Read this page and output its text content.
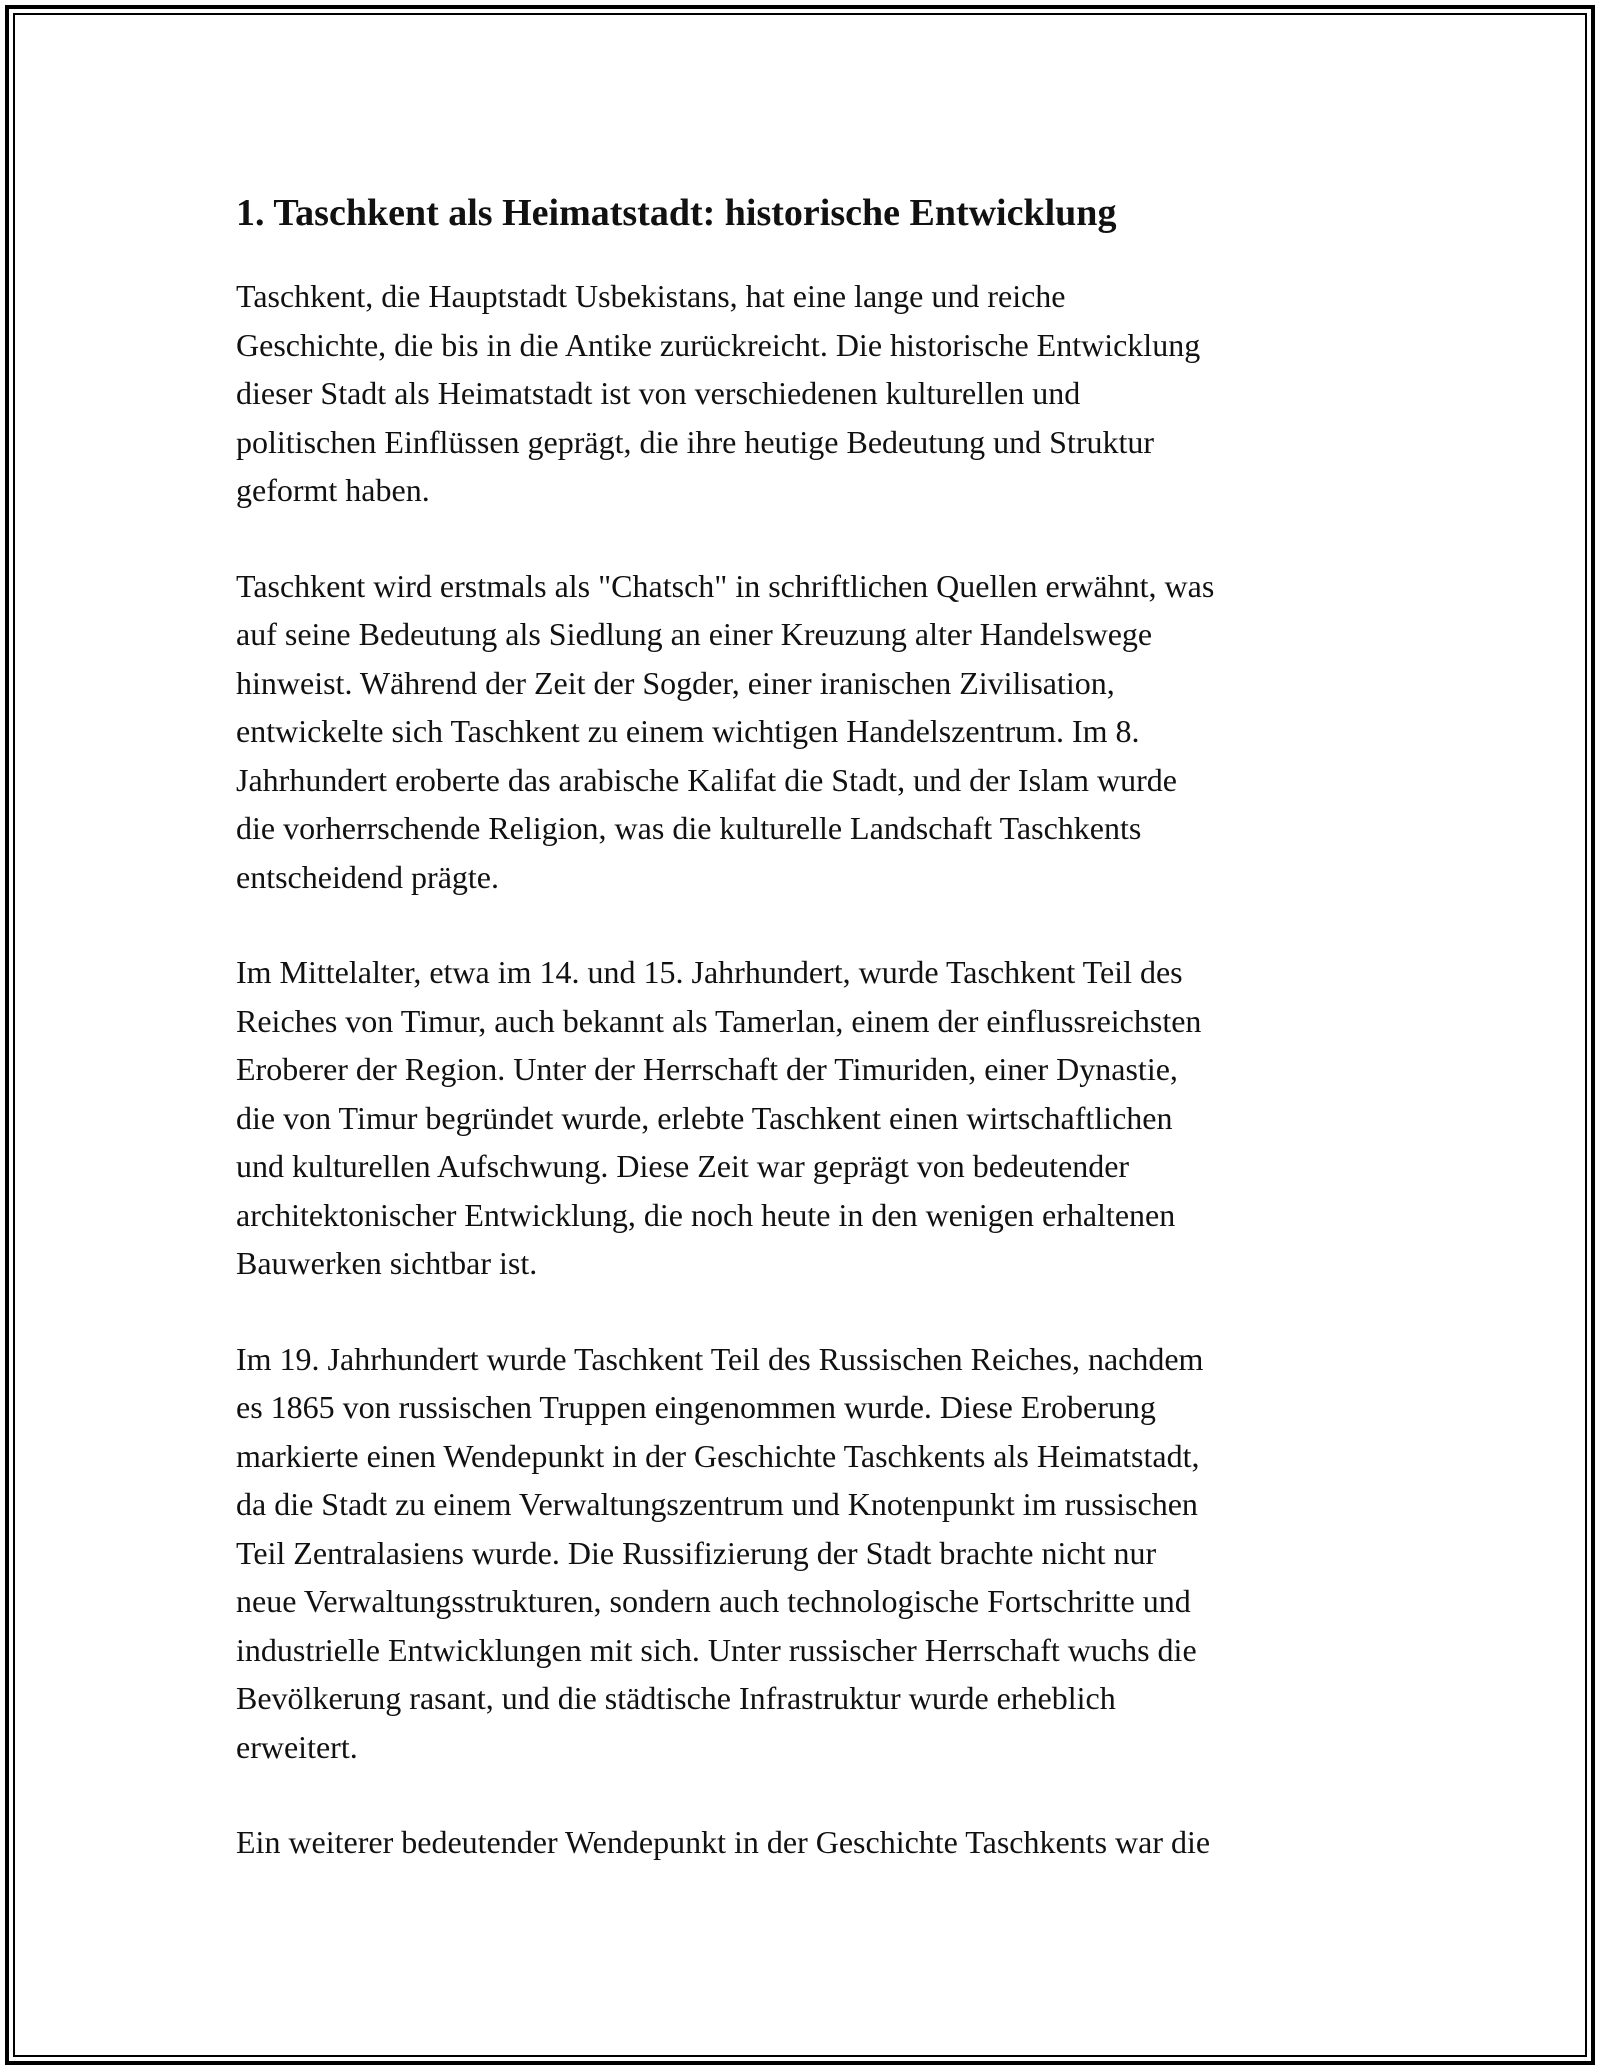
1. Taschkent als Heimatstadt: historische Entwicklung

Taschkent, die Hauptstadt Usbekistans, hat eine lange und reiche
Geschichte, die bis in die Antike zurückreicht. Die historische Entwicklung
dieser Stadt als Heimatstadt ist von verschiedenen kulturellen und
politischen Einflüssen geprägt, die ihre heutige Bedeutung und Struktur
geformt haben.

Taschkent wird erstmals als "Chatsch" in schriftlichen Quellen erwähnt, was
auf seine Bedeutung als Siedlung an einer Kreuzung alter Handelswege
hinweist. Während der Zeit der Sogder, einer iranischen Zivilisation,
entwickelte sich Taschkent zu einem wichtigen Handelszentrum. Im 8.
Jahrhundert eroberte das arabische Kalifat die Stadt, und der Islam wurde
die vorherrschende Religion, was die kulturelle Landschaft Taschkents
entscheidend prägte.

Im Mittelalter, etwa im 14. und 15. Jahrhundert, wurde Taschkent Teil des
Reiches von Timur, auch bekannt als Tamerlan, einem der einflussreichsten
Eroberer der Region. Unter der Herrschaft der Timuriden, einer Dynastie,
die von Timur begründet wurde, erlebte Taschkent einen wirtschaftlichen
und kulturellen Aufschwung. Diese Zeit war geprägt von bedeutender
architektonischer Entwicklung, die noch heute in den wenigen erhaltenen
Bauwerken sichtbar ist.

Im 19. Jahrhundert wurde Taschkent Teil des Russischen Reiches, nachdem
es 1865 von russischen Truppen eingenommen wurde. Diese Eroberung
markierte einen Wendepunkt in der Geschichte Taschkents als Heimatstadt,
da die Stadt zu einem Verwaltungszentrum und Knotenpunkt im russischen
Teil Zentralasiens wurde. Die Russifizierung der Stadt brachte nicht nur
neue Verwaltungsstrukturen, sondern auch technologische Fortschritte und
industrielle Entwicklungen mit sich. Unter russischer Herrschaft wuchs die
Bevölkerung rasant, und die städtische Infrastruktur wurde erheblich
erweitert.

Ein weiterer bedeutender Wendepunkt in der Geschichte Taschkents war die
